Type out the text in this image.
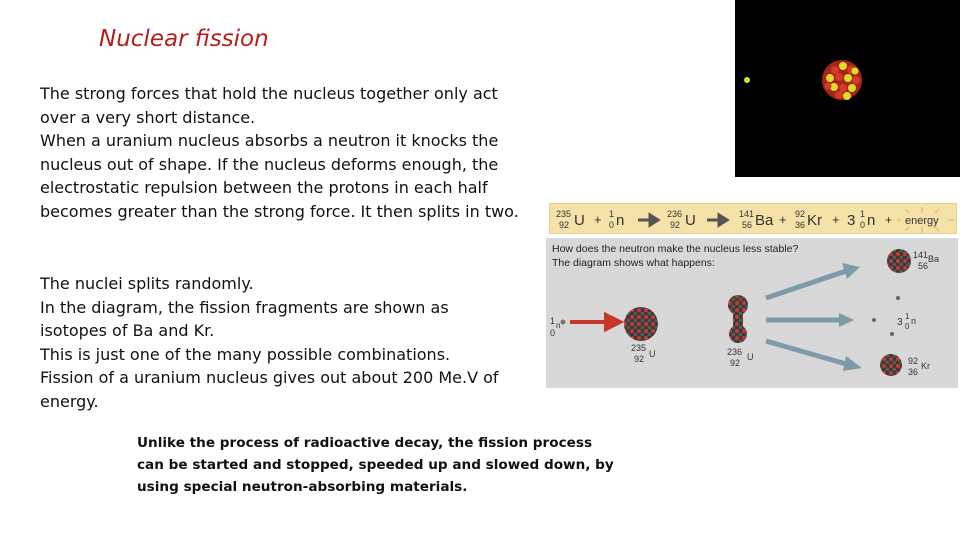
Nuclear fission

The strong forces that hold the nucleus together only act
over a very short distance.
When a uranium nucleus absorbs a neutron it knocks the
nucleus out of shape. If the nucleus deforms enough, the
electrostatic repulsion between the protons in each half
becomes greater than the strong force. It then splits in two.

The nuclei splits randomly.
In the diagram, the fission fragments are shown as
isotopes of Ba and Kr.
This is just one of the many possible combinations.
Fission of a uranium nucleus gives out about 200 Me.V of
energy.

Unlike the process of radioactive decay, the fission process
can be started and stopped, speeded up and slowed down, by
using special neutron-absorbing materials.

235
92 U + 1
0 n	236
92 U	141
56 Ba + 92
36 Kr + 3 1
0 n + energy
How does the neutron make the nucleus less stable?
The diagram shows what happens:
1
0
n
235
92 U	236
92
U
141 Ba
56
3
1
0
n
92 Kr
36
